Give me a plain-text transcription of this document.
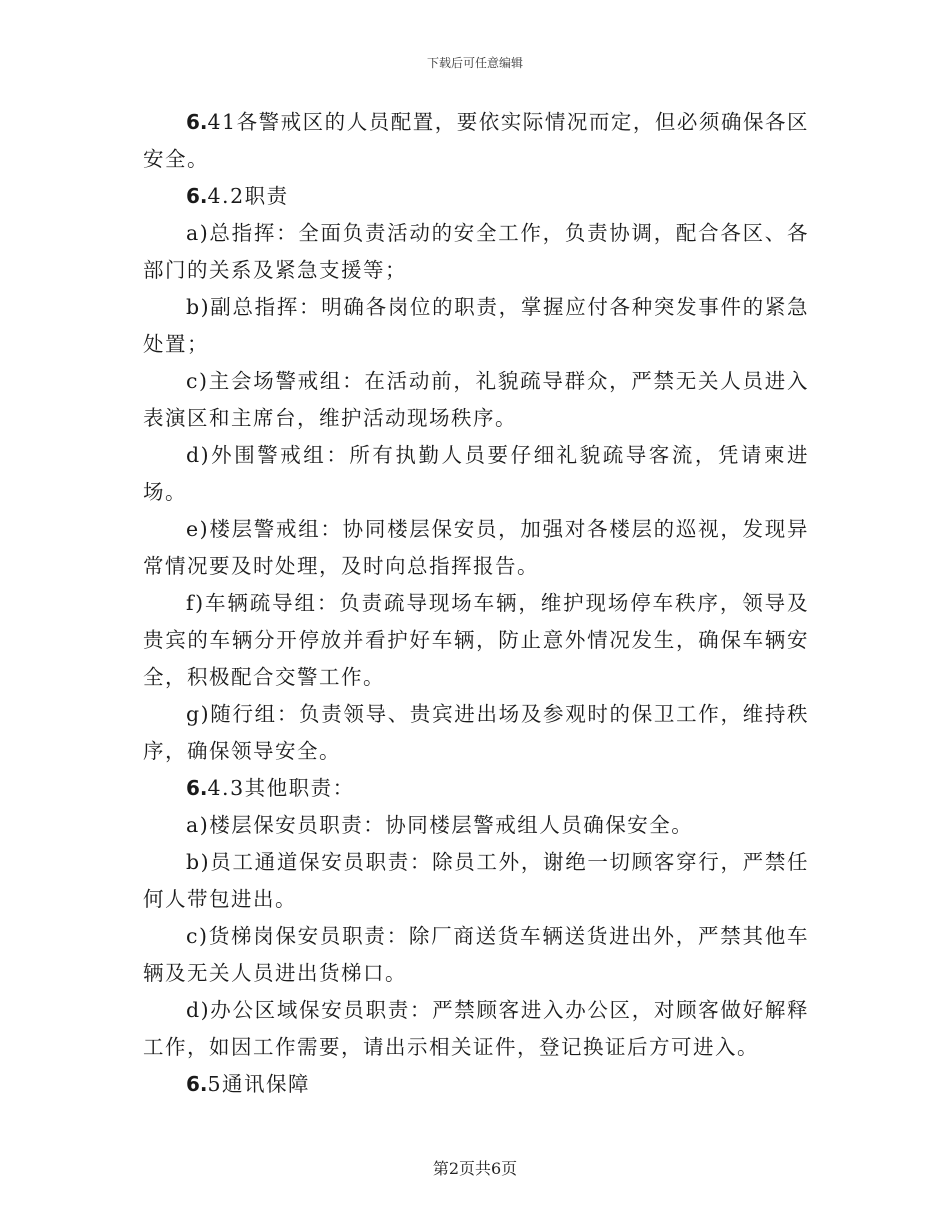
下载后可任意编辑

6.41各警戒区的人员配置，要依实际情况而定，但必须确保各区安全。

6.4.2职责

a)总指挥：全面负责活动的安全工作，负责协调，配合各区、各部门的关系及紧急支援等；

b)副总指挥：明确各岗位的职责，掌握应付各种突发事件的紧急处置；

c)主会场警戒组：在活动前，礼貌疏导群众，严禁无关人员进入表演区和主席台，维护活动现场秩序。

d)外围警戒组：所有执勤人员要仔细礼貌疏导客流，凭请柬进场。

e)楼层警戒组：协同楼层保安员，加强对各楼层的巡视，发现异常情况要及时处理，及时向总指挥报告。

f)车辆疏导组：负责疏导现场车辆，维护现场停车秩序，领导及贵宾的车辆分开停放并看护好车辆，防止意外情况发生，确保车辆安全，积极配合交警工作。

g)随行组：负责领导、贵宾进出场及参观时的保卫工作，维持秩序，确保领导安全。

6.4.3其他职责：

a)楼层保安员职责：协同楼层警戒组人员确保安全。

b)员工通道保安员职责：除员工外，谢绝一切顾客穿行，严禁任何人带包进出。

c)货梯岗保安员职责：除厂商送货车辆送货进出外，严禁其他车辆及无关人员进出货梯口。

d)办公区域保安员职责：严禁顾客进入办公区，对顾客做好解释工作，如因工作需要，请出示相关证件，登记换证后方可进入。

6.5通讯保障

第2页共6页
